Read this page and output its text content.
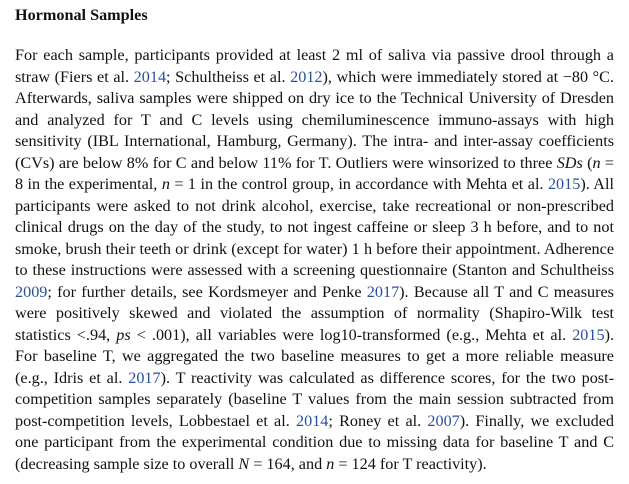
Hormonal Samples

For each sample, participants provided at least 2 ml of saliva via passive drool through a straw (Fiers et al. 2014; Schultheiss et al. 2012), which were immediately stored at −80 °C. Afterwards, saliva samples were shipped on dry ice to the Technical University of Dresden and analyzed for T and C levels using chemiluminescence immuno-assays with high sensitivity (IBL International, Hamburg, Germany). The intra- and inter-assay coefficients (CVs) are below 8% for C and below 11% for T. Outliers were winsorized to three SDs (n = 8 in the experimental, n = 1 in the control group, in accordance with Mehta et al. 2015). All participants were asked to not drink alcohol, exercise, take recreational or non-prescribed clinical drugs on the day of the study, to not ingest caffeine or sleep 3 h before, and to not smoke, brush their teeth or drink (except for water) 1 h before their appointment. Adherence to these instructions were assessed with a screening questionnaire (Stanton and Schultheiss 2009; for further details, see Kordsmeyer and Penke 2017). Because all T and C measures were positively skewed and violated the assumption of normality (Shapiro-Wilk test statistics <.94, ps < .001), all variables were log10-transformed (e.g., Mehta et al. 2015). For baseline T, we aggregated the two baseline measures to get a more reliable measure (e.g., Idris et al. 2017). T reactivity was calculated as difference scores, for the two post-competition samples separately (baseline T values from the main session subtracted from post-competition levels, Lobbestael et al. 2014; Roney et al. 2007). Finally, we excluded one participant from the experimental condition due to missing data for baseline T and C (decreasing sample size to overall N = 164, and n = 124 for T reactivity).
